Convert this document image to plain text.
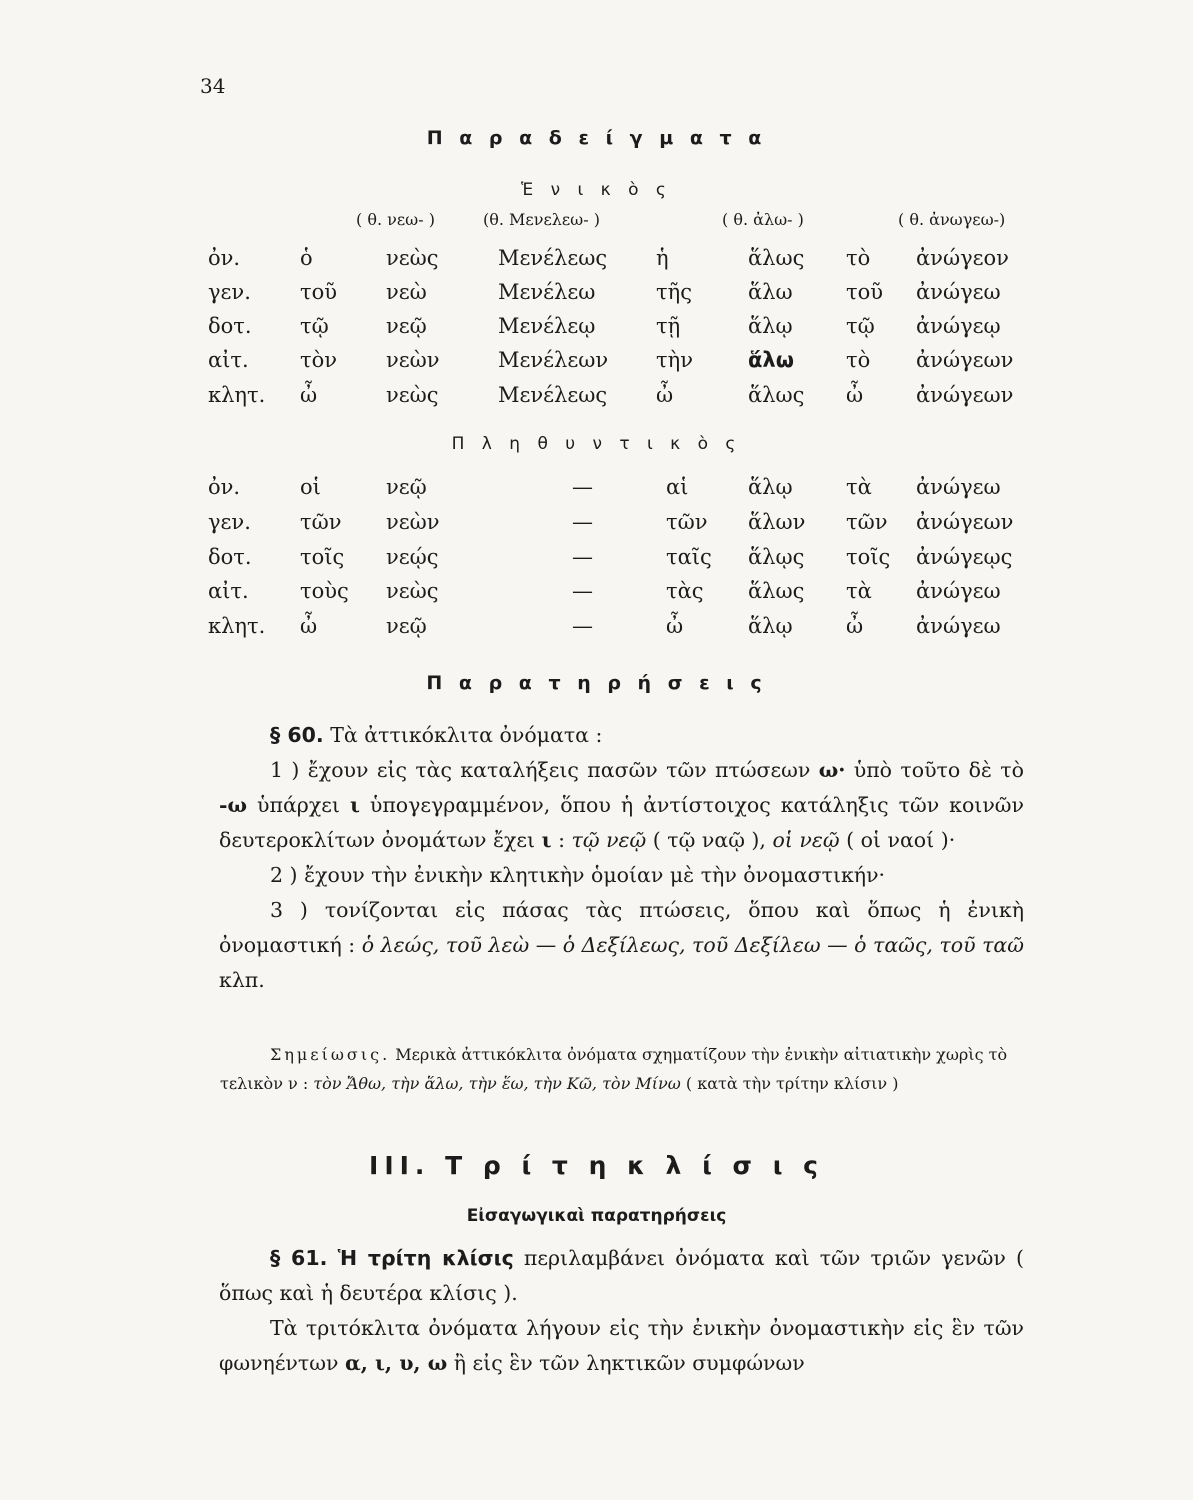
34
Π α ρ α δ ε ί γ μ α τ α
Ἑ ν ι κ ὸ ς
( θ. νεω- )	(θ. Μενελεω- )	( θ. ἀλω- )	( θ. ἀνωγεω-)
ὀν.	ὁ	νεὼς	Μενέλεως ἡ	ἅλως τὸ ἀνώγεον
γεν. τοῦ νεὼ	Μενέλεω	τῆς	ἅλω	τοῦ ἀνώγεω
δοτ. τῷ	νεῷ	Μενέλεῳ	τῇ	ἅλῳ	τῷ ἀνώγεῳ
αἰτ. τὸν νεὼν	Μενέλεων τὴν	ἅλω τὸ ἀνώγεων
κλητ. ὦ	νεὼς	Μενέλεως ὦ	ἅλως ὦ	ἀνώγεων
Π λ η θ υ ν τ ι κ ὸ ς
ὀν.	οἱ	νεῷ	—	αἱ	ἅλῳ	τὰ ἀνώγεω
γεν. τῶν νεὼν	—	τῶν ἅλων τῶν ἀνώγεων
δοτ. τοῖς νεῴς	—	ταῖς ἅλῳς τοῖς ἀνώγεῳς
αἰτ. τοὺς νεὼς	—	τὰς ἅλως τὰ ἀνώγεω
κλητ. ὦ	νεῷ	—	ὦ	ἅλῳ	ὦ	ἀνώγεω
Π α ρ α τ η ρ ή σ ε ι ς

§ 60. Τὰ ἀττικόκλιτα ὀνόματα :

1 ) ἔχουν εἰς τὰς καταλήξεις πασῶν τῶν πτώσεων ω· ὑπὸ τοῦτο δὲ τὸ -ω ὑπάρχει ι ὑπογεγραμμένον, ὅπου ἡ ἀντίστοιχος κατάληξις τῶν κοινῶν δευτεροκλίτων ὀνομάτων ἔχει ι : τῷ νεῷ ( τῷ ναῷ ), οἱ νεῷ ( οἱ ναοί )·

2 ) ἔχουν τὴν ἐνικὴν κλητικὴν ὁμοίαν μὲ τὴν ὀνομαστικήν·

3 ) τονίζονται εἰς πάσας τὰς πτώσεις, ὅπου καὶ ὅπως ἡ ἐνικὴ ὀνομαστική : ὁ λεώς, τοῦ λεὼ — ὁ Δεξίλεως, τοῦ Δεξίλεω — ὁ ταῶς, τοῦ ταῶ κλπ.

Σημείωσις. Μερικὰ ἀττικόκλιτα ὀνόματα σχηματίζουν τὴν ἐνικὴν αἰτιατικὴν χωρὶς τὸ τελικὸν ν : τὸν Ἄθω, τὴν ἅλω, τὴν ἕω, τὴν Κῶ, τὸν Μίνω ( κατὰ τὴν τρίτην κλίσιν )
ΙΙΙ. Τ ρ ί τ η κ λ ί σ ι ς
Εἰσαγωγικαὶ παρατηρήσεις

§ 61. Ἡ τρίτη κλίσις περιλαμβάνει ὀνόματα καὶ τῶν τριῶν γενῶν ( ὅπως καὶ ἡ δευτέρα κλίσις ).

Τὰ τριτόκλιτα ὀνόματα λήγουν εἰς τὴν ἐνικὴν ὀνομαστικὴν εἰς ἓν τῶν φωνηέντων α, ι, υ, ω ἢ εἰς ἓν τῶν ληκτικῶν συμφώνων
